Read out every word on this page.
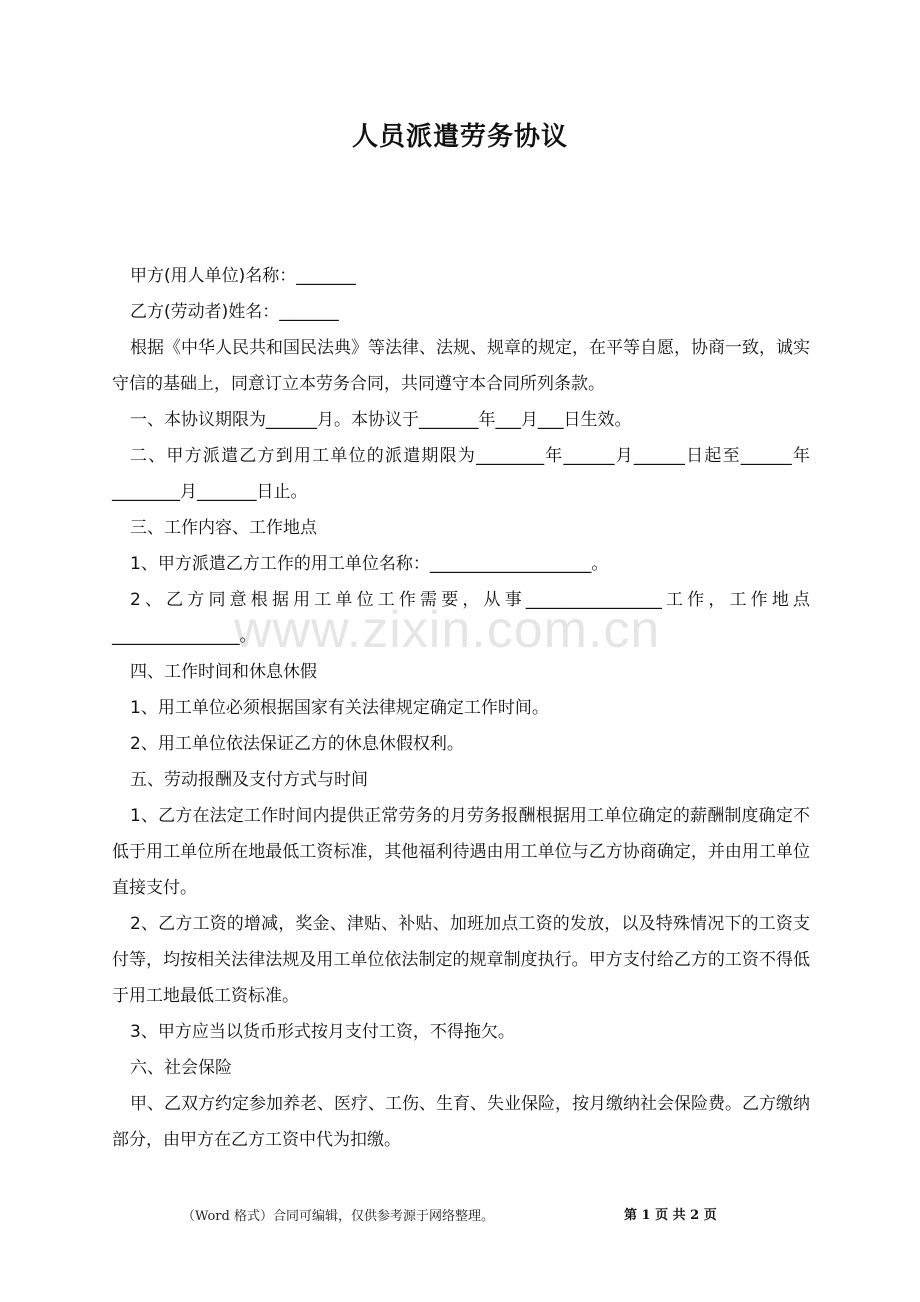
人员派遣劳务协议

甲方(用人单位)名称：_______

乙方(劳动者)姓名：_______

根据《中华人民共和国民法典》等法律、法规、规章的规定，在平等自愿，协商一致，诚实守信的基础上，同意订立本劳务合同，共同遵守本合同所列条款。

一、本协议期限为______月。本协议于_______年___月___日生效。

二、甲方派遣乙方到用工单位的派遣期限为________年______月______日起至______年________月_______日止。

三、工作内容、工作地点

1、甲方派遣乙方工作的用工单位名称：___________________。

2、乙方同意根据用工单位工作需要，从事________________工作，工作地点_______________。

四、工作时间和休息休假

1、用工单位必须根据国家有关法律规定确定工作时间。

2、用工单位依法保证乙方的休息休假权利。

五、劳动报酬及支付方式与时间

1、乙方在法定工作时间内提供正常劳务的月劳务报酬根据用工单位确定的薪酬制度确定不低于用工单位所在地最低工资标准，其他福利待遇由用工单位与乙方协商确定，并由用工单位直接支付。

2、乙方工资的增减，奖金、津贴、补贴、加班加点工资的发放，以及特殊情况下的工资支付等，均按相关法律法规及用工单位依法制定的规章制度执行。甲方支付给乙方的工资不得低于用工地最低工资标准。

3、甲方应当以货币形式按月支付工资，不得拖欠。

六、社会保险

甲、乙双方约定参加养老、医疗、工伤、生育、失业保险，按月缴纳社会保险费。乙方缴纳部分，由甲方在乙方工资中代为扣缴。

www.zixin.com.cn
（Word 格式）合同可编辑，仅供参考源于网络整理。	第 1 页 共 2 页
